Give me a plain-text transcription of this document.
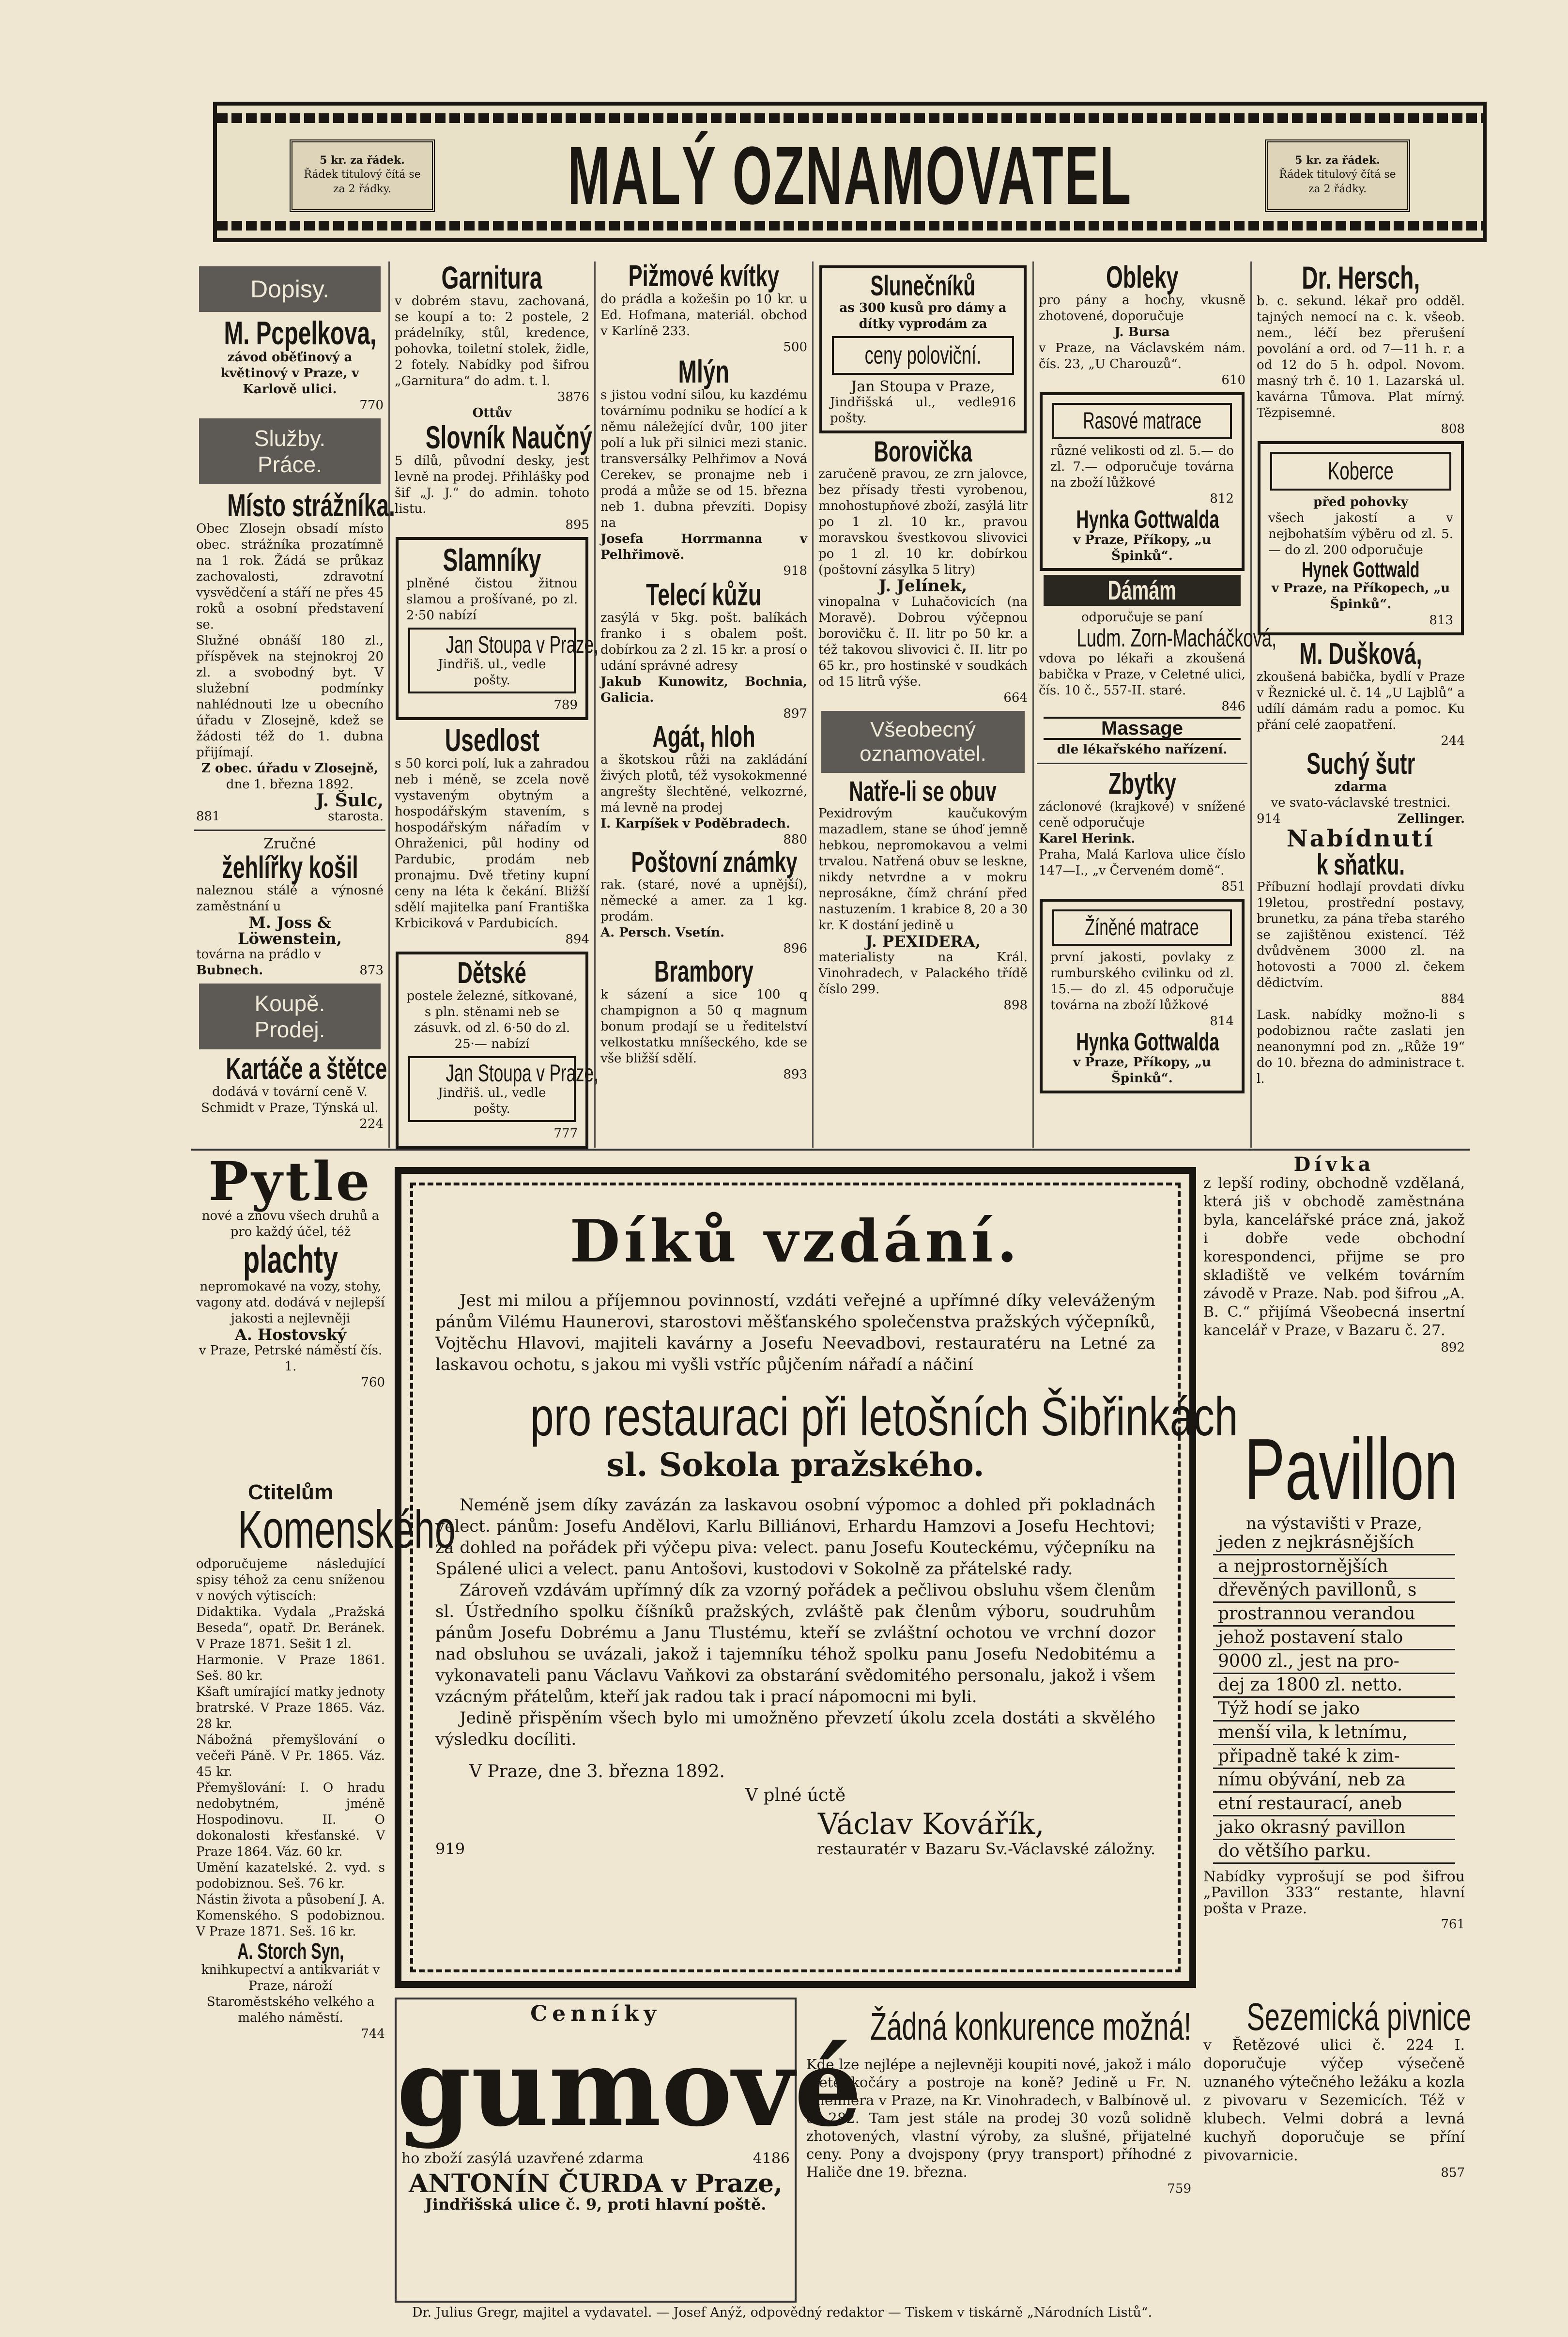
5 kr. za řádek.
Řádek titulový čítá se
za 2 řádky.	MALÝ OZNAMOVATEL	5 kr. za řádek.
Řádek titulový čítá se
za 2 řádky.
Dopisy.
M. Pcpelkova,
závod oběťinový a květinový v Praze, v Karlově ulici.
770
Služby.
Práce.
Místo strážníka.
Obec Zlosejn obsadí místo obec. strážníka prozatímně na 1 rok. Žádá se průkaz zachovalosti, zdravotní vysvědčení a stáří ne přes 45 roků a osobní představení se.
Služné obnáší 180 zl., příspěvek na stejnokroj 20 zl. a svobodný byt. V služební podmínky nahlédnouti lze u obecního úřadu v Zlosejně, kdež se žádosti též do 1. dubna přijímají.
Z obec. úřadu v Zlosejně,
dne 1. března 1892.
J. Šulc,
881	starosta.
Zručné
žehlířky košil
naleznou stálé a výnosné zaměstnání u
M. Joss & Löwenstein,
továrna na prádlo v
Bubnech.	873
Koupě.
Prodej.
Kartáče a štětce
dodává v tovární ceně V. Schmidt v Praze, Týnská ul.
224
Garnitura
v dobrém stavu, zachovaná, se koupí a to: 2 postele, 2 prádelníky, stůl, kredence, pohovka, toiletní stolek, židle, 2 fotely. Nabídky pod šifrou „Garnitura“ do adm. t. l.
3876
Ottův
Slovník Naučný
5 dílů, původní desky, jest levně na prodej. Přihlášky pod šif „J. J.“ do admin. tohoto listu.
895
Slamníky
plněné čistou žitnou slamou a prošívané, po zl. 2·50 nabízí
Jan Stoupa v Praze,
Jindřiš. ul., vedle pošty.
789
Usedlost
s 50 korci polí, luk a zahradou neb i méně, se zcela nově vystaveným obytným a hospodářským stavením, s hospodářským nářadím v Ohraženici, půl hodiny od Pardubic, prodám neb pronajmu. Dvě třetiny kupní ceny na léta k čekání. Bližší sdělí majitelka paní Františka Krbiciková v Pardubicích.
894
Dětské
postele železné, sítkované, s pln. stěnami neb se zásuvk. od zl. 6·50 do zl. 25·— nabízí
Jan Stoupa v Praze,
Jindřiš. ul., vedle pošty.
777
Pižmové kvítky
do prádla a kožešin po 10 kr. u Ed. Hofmana, materiál. obchod v Karlíně 233.
500
Mlýn
s jistou vodní silou, ku kazdému továrnímu podniku se hodící a k němu náležející dvůr, 100 jiter polí a luk při silnici mezi stanic. transversálky Pelhřimov a Nová Cerekev, se pronajme neb i prodá a může se od 15. března neb 1. dubna převzíti. Dopisy na
Josefa Horrmanna v Pelhřimově.
918
Telecí kůžu
zasýlá v 5kg. pošt. balíkách franko i s obalem pošt. dobírkou za 2 zl. 15 kr. a prosí o udání správné adresy
Jakub Kunowitz, Bochnia, Galicia.
897
Agát, hloh
a škotskou růži na zakládání živých plotů, též vysokokmenné angrešty šlechtěné, velkozrné, má levně na prodej
I. Karpíšek v Poděbradech.
880
Poštovní známky
rak. (staré, nové a upnější), německé a amer. za 1 kg. prodám.
A. Persch. Vsetín.
896
Brambory
k sázení a sice 100 q champignon a 50 q magnum bonum prodají se u ředitelství velkostatku mníšeckého, kde se vše bližší sdělí.
893
Slunečníků
as 300 kusů pro dámy a dítky vyprodám za
ceny poloviční.
Jan Stoupa v Praze,
Jindřišská ul., vedle pošty.
916
Borovička
zaručeně pravou, ze zrn jalovce, bez přísady třesti vyrobenou, mnohostupňové zboží, zasýlá litr po 1 zl. 10 kr., pravou moravskou švestkovou slivovici po 1 zl. 10 kr. dobírkou (poštovní zásylka 5 litry)
J. Jelínek,
vinopalna v Luhačovicích (na Moravě). Dobrou výčepnou borovičku č. II. litr po 50 kr. a též takovou slivovici č. II. litr po 65 kr., pro hostinské v soudkách od 15 litrů výše.
664
Všeobecný
oznamovatel.
Natře-li se obuv
Pexidrovým kaučukovým mazadlem, stane se úhoď jemně hebkou, nepromokavou a velmi trvalou. Natřená obuv se leskne, nikdy netvrdne a v mokru neprosákne, čímž chrání před nastuzením. 1 krabice 8, 20 a 30 kr. K dostání jedině u
J. PEXIDERA,
materialisty na Král. Vinohradech, v Palackého třídě číslo 299.
898
Obleky
pro pány a hochy, vkusně zhotovené, doporučuje
J. Bursa
v Praze, na Václavském nám. čís. 23, „U Charouzů“.
610
Rasové matrace
různé velikosti od zl. 5.— do zl. 7.— odporučuje továrna na zboží lůžkové
812
Hynka Gottwalda
v Praze, Příkopy, „u Špinků“.
Dámám
odporučuje se paní
Ludm. Zorn-Macháčková,
vdova po lékaři a zkoušená babička v Praze, v Celetné ulici, čís. 10 č., 557-II. staré.
846
Massage
dle lékařského nařízení.
Zbytky
záclonové (krajkové) v snížené ceně odporučuje
Karel Herink.
Praha, Malá Karlova ulice číslo 147—I., „v Červeném domě“.
851
Žíněné matrace
první jakosti, povlaky z rumburského cvilinku od zl. 15.— do zl. 45 odporučuje továrna na zboží lůžkové
814
Hynka Gottwalda
v Praze, Příkopy, „u Špinků“.
Dr. Hersch,
b. c. sekund. lékař pro odděl. tajných nemocí na c. k. všeob. nem., léčí bez přerušení povolání a ord. od 7—11 h. r. a od 12 do 5 h. odpol. Novom. masný trh č. 10 1. Lazarská ul. kavárna Tůmova. Plat mírný. Tězpisemné.
808
Koberce
před pohovky
všech jakostí a v nejbohatším výběru od zl. 5.— do zl. 200 odporučuje
Hynek Gottwald
v Praze, na Příkopech, „u Špinků“.
813
M. Dušková,
zkoušená babička, bydlí v Praze v Řeznické ul. č. 14 „U Lajblů“ a udílí dámám radu a pomoc. Ku přání celé zaopatření.
244
Suchý šutr
zdarma
ve svato-václavské trestnici.
914	Zellinger.
Nabídnutí
k sňatku.
Příbuzní hodlají provdati dívku 19letou, prostřední postavy, brunetku, za pána třeba starého se zajištěnou existencí. Též dvůdvěnem 3000 zl. na hotovosti a 7000 zl. čekem dědictvím.
884
Lask. nabídky možno-li s podobiznou račte zaslati jen neanonymní pod zn. „Růže 19“ do 10. března do administrace t. l.
Pytle
nové a znovu všech druhů a pro každý účel, též
plachty
nepromokavé na vozy, stohy, vagony atd. dodává v nejlepší jakosti a nejlevněji
A. Hostovský
v Praze, Petrské náměstí čís. 1.
760
Ctitelům
Komenského
odporučujeme následující spisy téhož za cenu sníženou v nových výtiscích:
Didaktika. Vydala „Pražská Beseda“, opatř. Dr. Beránek. V Praze 1871. Sešit 1 zl.
Harmonie. V Praze 1861. Seš. 80 kr.
Kšaft umírající matky jednoty bratrské. V Praze 1865. Váz. 28 kr.
Nábožná přemyšlování o večeři Páně. V Pr. 1865. Váz. 45 kr.
Přemyšlování: I. O hradu nedobytném, jméně Hospodinovu. II. O dokonalosti křesťanské. V Praze 1864. Váz. 60 kr.
Umění kazatelské. 2. vyd. s podobiznou. Seš. 76 kr.
Nástin života a působení J. A. Komenského. S podobiznou. V Praze 1871. Seš. 16 kr.
A. Storch Syn,
knihkupectví a antikvariát v Praze, nároží Staroměstského velkého a malého náměstí.
744
Díků vzdání.
Jest mi milou a příjemnou povinností, vzdáti veřejné a upřímné díky veleváženým pánům Vilému Haunerovi, starostovi měšťanského společenstva pražských výčepníků, Vojtěchu Hlavovi, majiteli kavárny a Josefu Neevadbovi, restauratéru na Letné za laskavou ochotu, s jakou mi vyšli vstříc půjčením nářadí a náčiní
pro restauraci při letošních Šibřinkách
sl. Sokola pražského.
Neméně jsem díky zavázán za laskavou osobní výpomoc a dohled při pokladnách velect. pánům: Josefu Andělovi, Karlu Billiánovi, Erhardu Hamzovi a Josefu Hechtovi; za dohled na pořádek při výčepu piva: velect. panu Josefu Kouteckému, výčepníku na Spálené ulici a velect. panu Antošovi, kustodovi v Sokolně za přátelské rady.
Zároveň vzdávám upřímný dík za vzorný pořádek a pečlivou obsluhu všem členům sl. Ústředního spolku číšníků pražských, zvláště pak členům výboru, soudruhům pánům Josefu Dobrému a Janu Tlustému, kteří se zvláštní ochotou ve vrchní dozor nad obsluhou se uvázali, jakož i tajemníku téhož spolku panu Josefu Nedobitému a vykonavateli panu Václavu Vaňkovi za obstarání svědomitého personalu, jakož i všem vzácným přátelům, kteří jak radou tak i prací nápomocni mi byli.
Jedině přispěním všech bylo mi umožněno převzetí úkolu zcela dostáti a skvělého výsledku docíliti.
V Praze, dne 3. března 1892.
V plné úctě
Václav Kovářík,
919	restauratér v Bazaru Sv.-Václavské záložny.
Cenníky
gumové
ho zboží zasýlá uzavřené zdarma	4186
ANTONÍN ČURDA v Praze,
Jindřišská ulice č. 9, proti hlavní poště.
Žádná konkurence možná!
Kde lze nejlépe a nejlevněji koupiti nové, jakož i málo ojeté kočáry a postroje na koně? Jedině u Fr. N. Theimera v Praze, na Kr. Vinohradech, v Balbínově ul. č. 282. Tam jest stále na prodej 30 vozů solidně zhotovených, vlastní výroby, za slušné, přijatelné ceny. Pony a dvojspony (pryy transport) příhodné z Haliče dne 19. března.
759
Dívka
z lepší rodiny, obchodně vzdělaná, která jiš v obchodě zaměstnána byla, kancelářské práce zná, jakož i dobře vede obchodní korespondenci, přijme se pro skladiště ve velkém továrním závodě v Praze. Nab. pod šifrou „A. B. C.“ přijímá Všeobecná insertní kancelář v Praze, v Bazaru č. 27.
892
Pavillon
na výstavišti v Praze,
jeden z nejkrásnějších
a nejprostornějších
dřevěných pavillonů, s
prostrannou verandou
jehož postavení stalo
9000 zl., jest na pro-
dej za 1800 zl. netto.
Týž hodí se jako
menší vila, k letnímu,
připadně také k zim-
nímu obývání, neb za
etní restaurací, aneb
jako okrasný pavillon
do většího parku.
Nabídky vyprošují se pod šifrou „Pavillon 333“ restante, hlavní pošta v Praze.
761
Sezemická pivnice
v Řetězové ulici č. 224 I. doporučuje výčep výsečeně uznaného výtečného ležáku a kozla z pivovaru v Sezemicích. Též v klubech. Velmi dobrá a levná kuchyň doporučuje se příní pivovarnicie.
857
Dr. Julius Gregr, majitel a vydavatel. — Josef Anýž, odpovědný redaktor — Tiskem v tiskárně „Národních Listů“.
